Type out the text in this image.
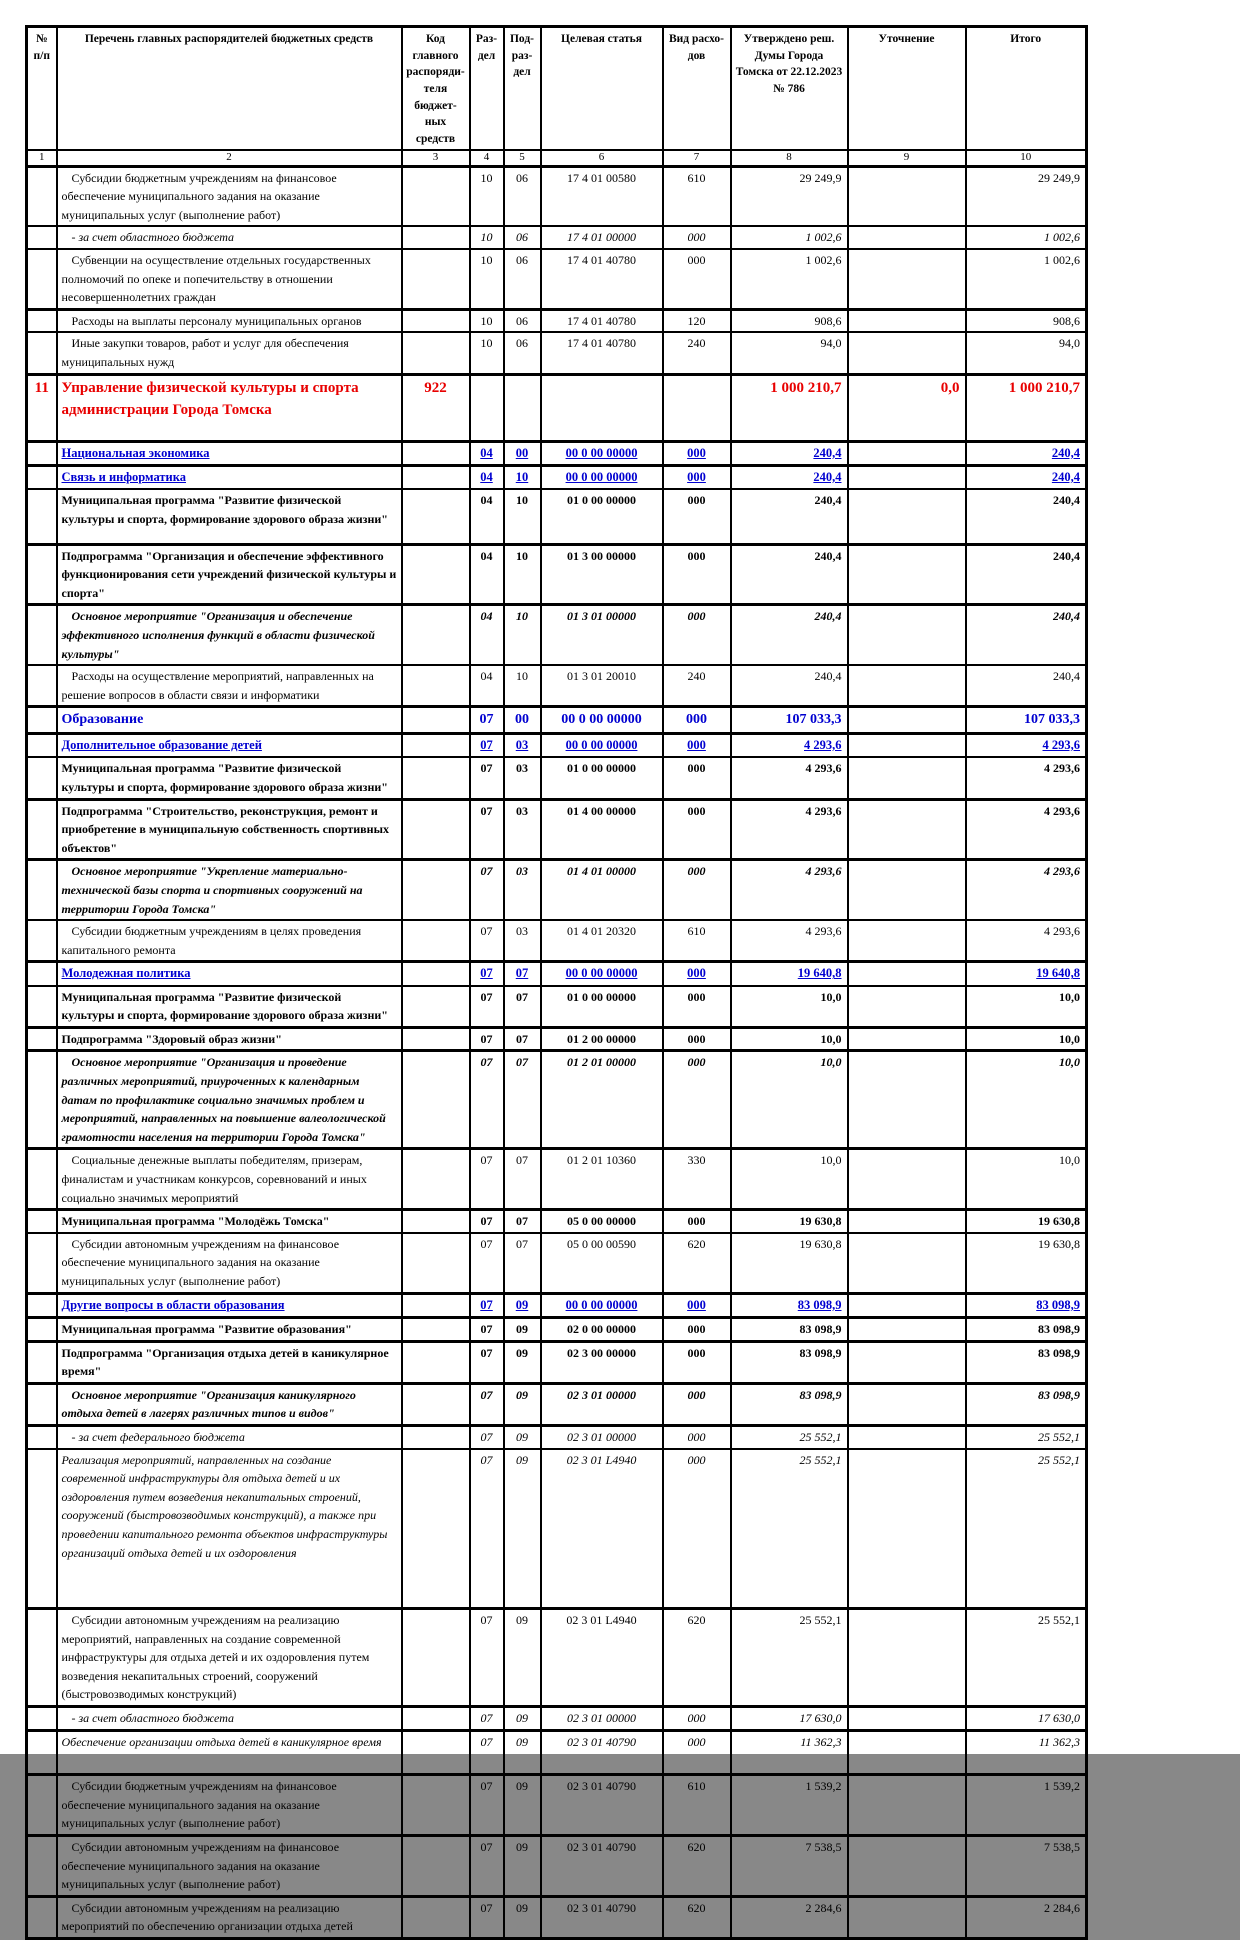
№ п/п	Перечень главных распорядителей бюджетных средств	Код главного распоряди-теля бюджет-ных средств	Раз-дел	Под-раз-дел	Целевая статья	Вид расхо-дов	Утверждено реш. Думы Города Томска от 22.12.2023 № 786	Уточнение	Итого
1	2	3	4	5	6	7	8	9	10
	Субсидии бюджетным учреждениям на финансовое обеспечение муниципального задания на оказание муниципальных услуг (выполнение работ)		10	06	17 4 01 00580	610	29 249,9		29 249,9
	- за счет областного бюджета		10	06	17 4 01 00000	000	1 002,6		1 002,6
	Субвенции на осуществление отдельных государственных полномочий по опеке и попечительству в отношении несовершеннолетних граждан		10	06	17 4 01 40780	000	1 002,6		1 002,6
	Расходы на выплаты персоналу муниципальных органов		10	06	17 4 01 40780	120	908,6		908,6
	Иные закупки товаров, работ и услуг для обеспечения муниципальных нужд		10	06	17 4 01 40780	240	94,0		94,0
11	Управление физической культуры и спорта администрации Города Томска	922					1 000 210,7	0,0	1 000 210,7
	Национальная экономика		04	00	00 0 00 00000	000	240,4		240,4
	Связь и информатика		04	10	00 0 00 00000	000	240,4		240,4
	Муниципальная программа "Развитие физической культуры и спорта, формирование здорового образа жизни"		04	10	01 0 00 00000	000	240,4		240,4
	Подпрограмма "Организация и обеспечение эффективного функционирования сети учреждений физической культуры и спорта"		04	10	01 3 00 00000	000	240,4		240,4
	Основное мероприятие "Организация и обеспечение эффективного исполнения функций в области физической культуры"		04	10	01 3 01 00000	000	240,4		240,4
	Расходы на осуществление мероприятий, направленных на решение вопросов в области связи и информатики		04	10	01 3 01 20010	240	240,4		240,4
	Образование		07	00	00 0 00 00000	000	107 033,3		107 033,3
	Дополнительное образование детей		07	03	00 0 00 00000	000	4 293,6		4 293,6
	Муниципальная программа "Развитие физической культуры и спорта, формирование здорового образа жизни"		07	03	01 0 00 00000	000	4 293,6		4 293,6
	Подпрограмма "Строительство, реконструкция, ремонт и приобретение в муниципальную собственность спортивных объектов"		07	03	01 4 00 00000	000	4 293,6		4 293,6
	Основное мероприятие "Укрепление материально-технической базы спорта и спортивных сооружений на территории Города Томска"		07	03	01 4 01 00000	000	4 293,6		4 293,6
	Субсидии бюджетным учреждениям в целях проведения капитального ремонта		07	03	01 4 01 20320	610	4 293,6		4 293,6
	Молодежная политика		07	07	00 0 00 00000	000	19 640,8		19 640,8
	Муниципальная программа "Развитие физической культуры и спорта, формирование здорового образа жизни"		07	07	01 0 00 00000	000	10,0		10,0
	Подпрограмма "Здоровый образ жизни"		07	07	01 2 00 00000	000	10,0		10,0
	Основное мероприятие "Организация и проведение различных мероприятий, приуроченных к календарным датам по профилактике социально значимых проблем и мероприятий, направленных на повышение валеологической грамотности населения на территории Города Томска"		07	07	01 2 01 00000	000	10,0		10,0
	Социальные денежные выплаты победителям, призерам, финалистам и участникам конкурсов, соревнований и иных социально значимых мероприятий		07	07	01 2 01 10360	330	10,0		10,0
	Муниципальная программа "Молодёжь Томска"		07	07	05 0 00 00000	000	19 630,8		19 630,8
	Субсидии автономным учреждениям на финансовое обеспечение муниципального задания на оказание муниципальных услуг (выполнение работ)		07	07	05 0 00 00590	620	19 630,8		19 630,8
	Другие вопросы в области образования		07	09	00 0 00 00000	000	83 098,9		83 098,9
	Муниципальная программа "Развитие образования"		07	09	02 0 00 00000	000	83 098,9		83 098,9
	Подпрограмма "Организация отдыха детей в каникулярное время"		07	09	02 3 00 00000	000	83 098,9		83 098,9
	Основное мероприятие "Организация каникулярного отдыха детей в лагерях различных типов и видов"		07	09	02 3 01 00000	000	83 098,9		83 098,9
	- за счет федерального бюджета		07	09	02 3 01 00000	000	25 552,1		25 552,1
	Реализация мероприятий, направленных на создание современной инфраструктуры для отдыха детей и их оздоровления путем возведения некапитальных строений, сооружений (быстровозводимых конструкций), а также при проведении капитального ремонта объектов инфраструктуры организаций отдыха детей и их оздоровления		07	09	02 3 01 L4940	000	25 552,1		25 552,1
	Субсидии автономным учреждениям на реализацию мероприятий, направленных на создание современной инфраструктуры для отдыха детей и их оздоровления путем возведения некапитальных строений, сооружений (быстровозводимых конструкций)		07	09	02 3 01 L4940	620	25 552,1		25 552,1
	- за счет областного бюджета		07	09	02 3 01 00000	000	17 630,0		17 630,0
	Обеспечение организации отдыха детей в каникулярное время		07	09	02 3 01 40790	000	11 362,3		11 362,3
	Субсидии бюджетным учреждениям на финансовое обеспечение муниципального задания на оказание муниципальных услуг (выполнение работ)		07	09	02 3 01 40790	610	1 539,2		1 539,2
	Субсидии автономным учреждениям на финансовое обеспечение муниципального задания на оказание муниципальных услуг (выполнение работ)		07	09	02 3 01 40790	620	7 538,5		7 538,5
	Субсидии автономным учреждениям на реализацию мероприятий по обеспечению организации отдыха детей		07	09	02 3 01 40790	620	2 284,6		2 284,6
